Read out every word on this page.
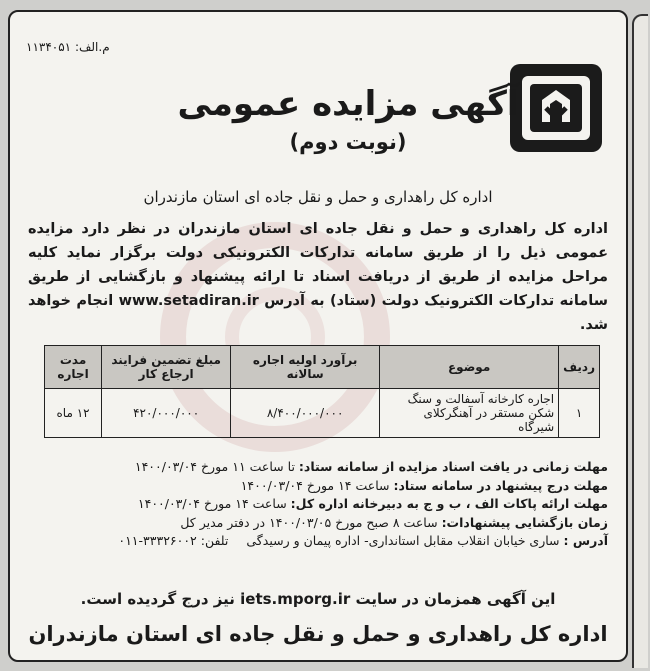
م.الف: ۱۱۳۴۰۵۱
آگهی مزایده عمومی
(نوبت دوم)
اداره کل راهداری و حمل و نقل جاده ای استان مازندران
اداره کل راهداری و حمل و نقل جاده ای استان مازندران در نظر دارد مزایده عمومی ذیل را از طریق سامانه تدارکات الکترونیکی دولت برگزار نماید کلیه مراحل مزایده از طریق از دریافت اسناد تا ارائه پیشنهاد و بازگشایی از طریق سامانه تدارکات الکترونیک دولت (ستاد) به آدرس www.setadiran.ir انجام خواهد شد.
ردیف	موضوع	برآورد اولیه اجاره سالانه	مبلغ تضمین فرایند ارجاع کار	مدت اجاره
۱	اجاره کارخانه آسفالت و سنگ شکن مستقر در آهنگرکلای شیرگاه	۸/۴۰۰/۰۰۰/۰۰۰	۴۲۰/۰۰۰/۰۰۰	۱۲ ماه
مهلت زمانی در یافت اسناد مزایده از سامانه ستاد: تا ساعت ۱۱ مورخ ۱۴۰۰/۰۳/۰۴
مهلت درج پیشنهاد در سامانه ستاد: ساعت ۱۴ مورخ ۱۴۰۰/۰۳/۰۴
مهلت ارائه پاکات الف ، ب و ج به دبیرخانه اداره کل: ساعت ۱۴ مورخ ۱۴۰۰/۰۳/۰۴
زمان بازگشایی پیشنهادات: ساعت ۸ صبح مورخ ۱۴۰۰/۰۳/۰۵ در دفتر مدیر کل
آدرس : ساری خیابان انقلاب مقابل استانداری- اداره پیمان و رسیدگی تلفن: ۳۳۳۲۶۰۰۲-۰۱۱
این آگهی همزمان در سایت iets.mporg.ir نیز درج گردیده است.
اداره کل راهداری و حمل و نقل جاده ای استان مازندران
